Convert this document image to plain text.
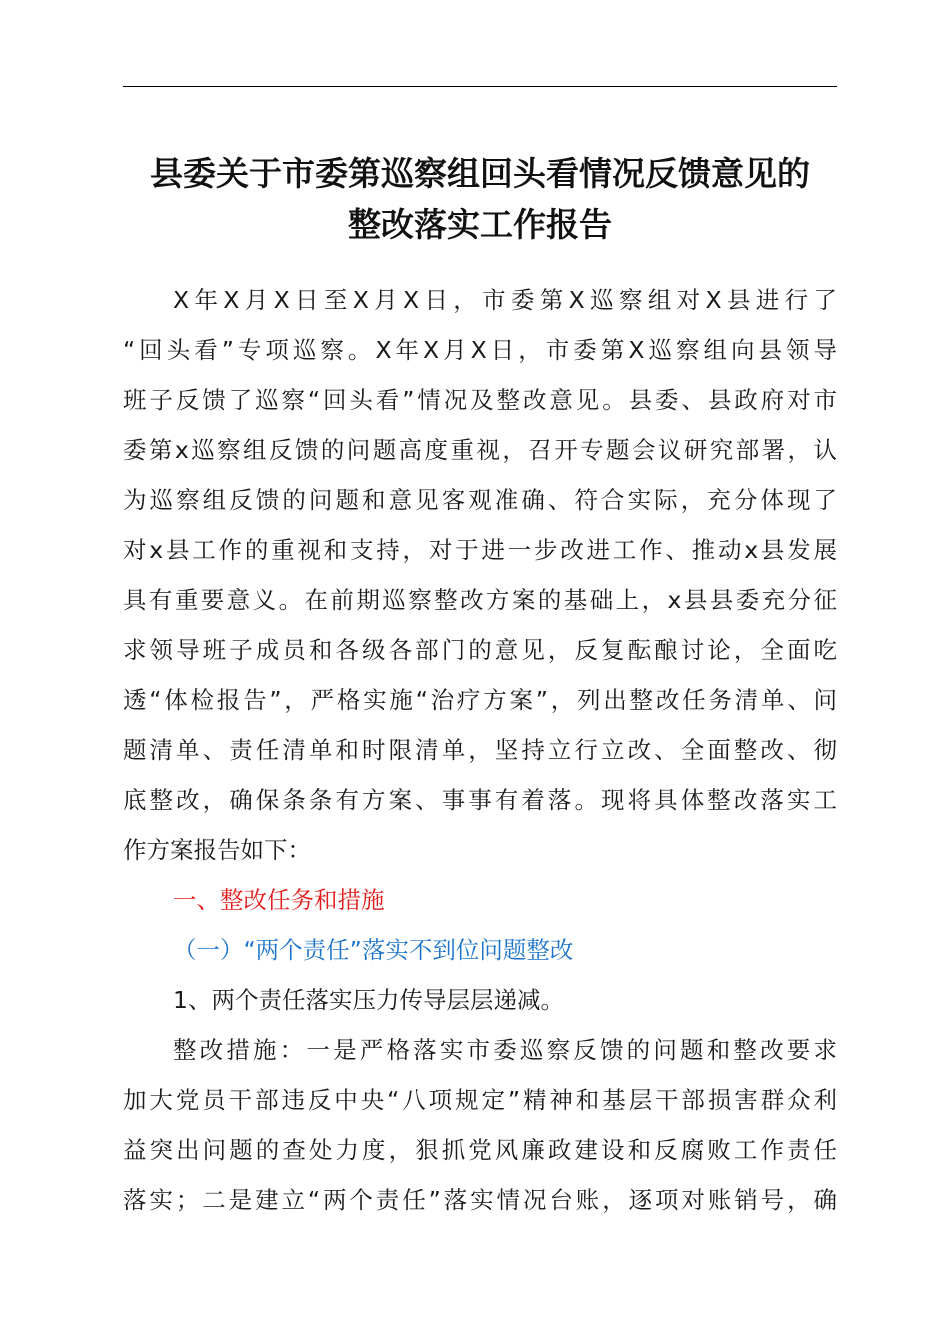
县委关于市委第巡察组回头看情况反馈意见的
整改落实工作报告
X年X月X日至X月X日，市委第X巡察组对X县进行了
“回头看”专项巡察。X年X月X日，市委第X巡察组向县领导
班子反馈了巡察“回头看”情况及整改意见。县委、县政府对市
委第x巡察组反馈的问题高度重视，召开专题会议研究部署，认
为巡察组反馈的问题和意见客观准确、符合实际，充分体现了
对x县工作的重视和支持，对于进一步改进工作、推动x县发展
具有重要意义。在前期巡察整改方案的基础上，x县县委充分征
求领导班子成员和各级各部门的意见，反复酝酿讨论，全面吃
透“体检报告”，严格实施“治疗方案”，列出整改任务清单、问
题清单、责任清单和时限清单，坚持立行立改、全面整改、彻
底整改，确保条条有方案、事事有着落。现将具体整改落实工
作方案报告如下：
一、整改任务和措施
（一）“两个责任”落实不到位问题整改
1、两个责任落实压力传导层层递减。
整改措施：一是严格落实市委巡察反馈的问题和整改要求
加大党员干部违反中央“八项规定”精神和基层干部损害群众利
益突出问题的查处力度，狠抓党风廉政建设和反腐败工作责任
落实；二是建立“两个责任”落实情况台账，逐项对账销号，确
